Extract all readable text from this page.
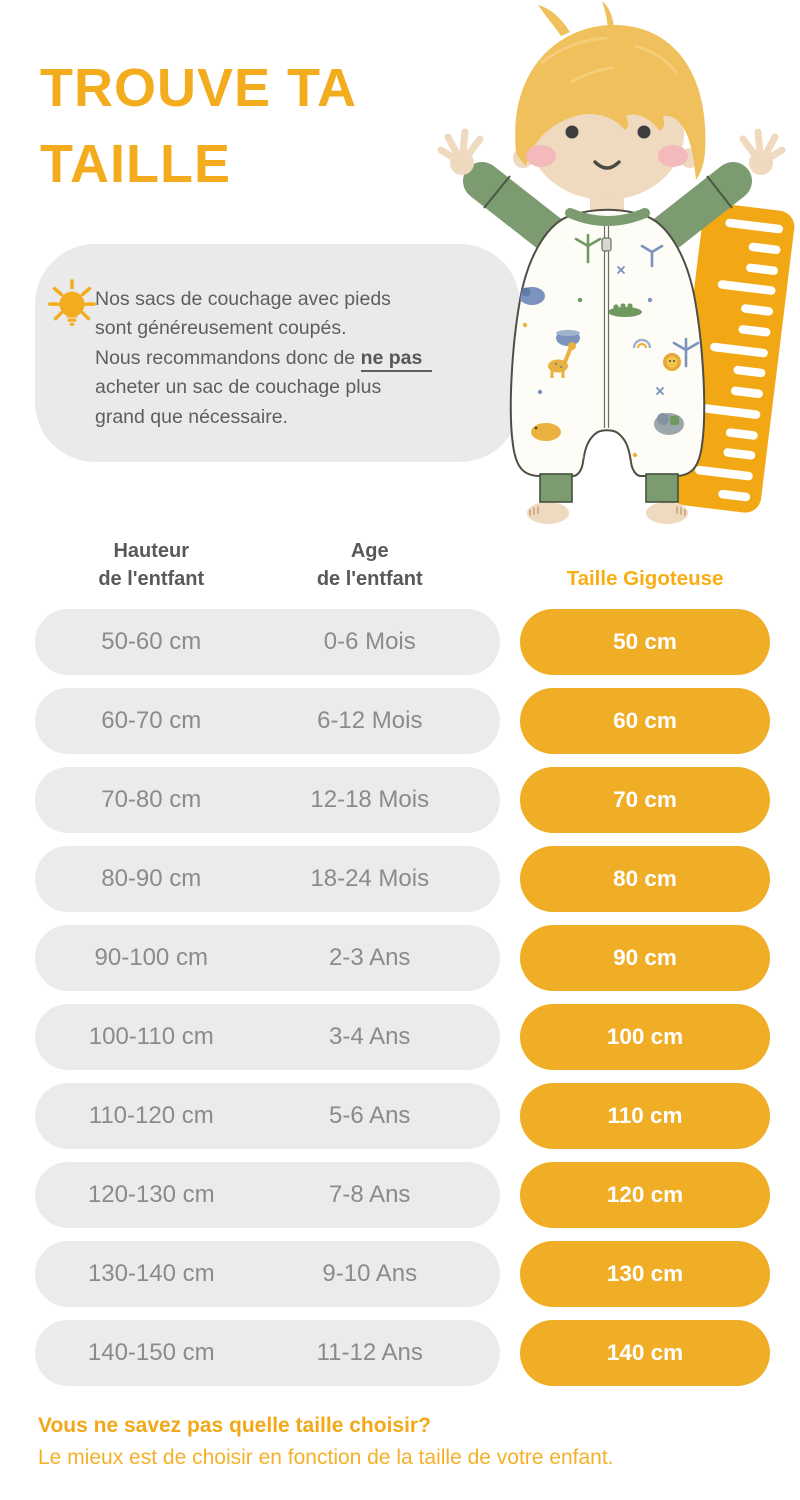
TROUVE TA
TAILLE
Nos sacs de couchage avec pieds
sont généreusement coupés.
Nous recommandons donc de ne pas
acheter un sac de couchage plus
grand que nécessaire.
Hauteur
de l'entfant
Age
de l'entfant	Taille Gigoteuse
50-60 cm	0-6 Mois	50 cm
60-70 cm	6-12 Mois	60 cm
70-80 cm	12-18 Mois	70 cm
80-90 cm	18-24 Mois	80 cm
90-100 cm	2-3 Ans	90 cm
100-110 cm	3-4 Ans	100 cm
110-120 cm	5-6 Ans	110 cm
120-130 cm	7-8 Ans	120 cm
130-140 cm	9-10 Ans	130 cm
140-150 cm	11-12 Ans	140 cm
Vous ne savez pas quelle taille choisir?
Le mieux est de choisir en fonction de la taille de votre enfant.
